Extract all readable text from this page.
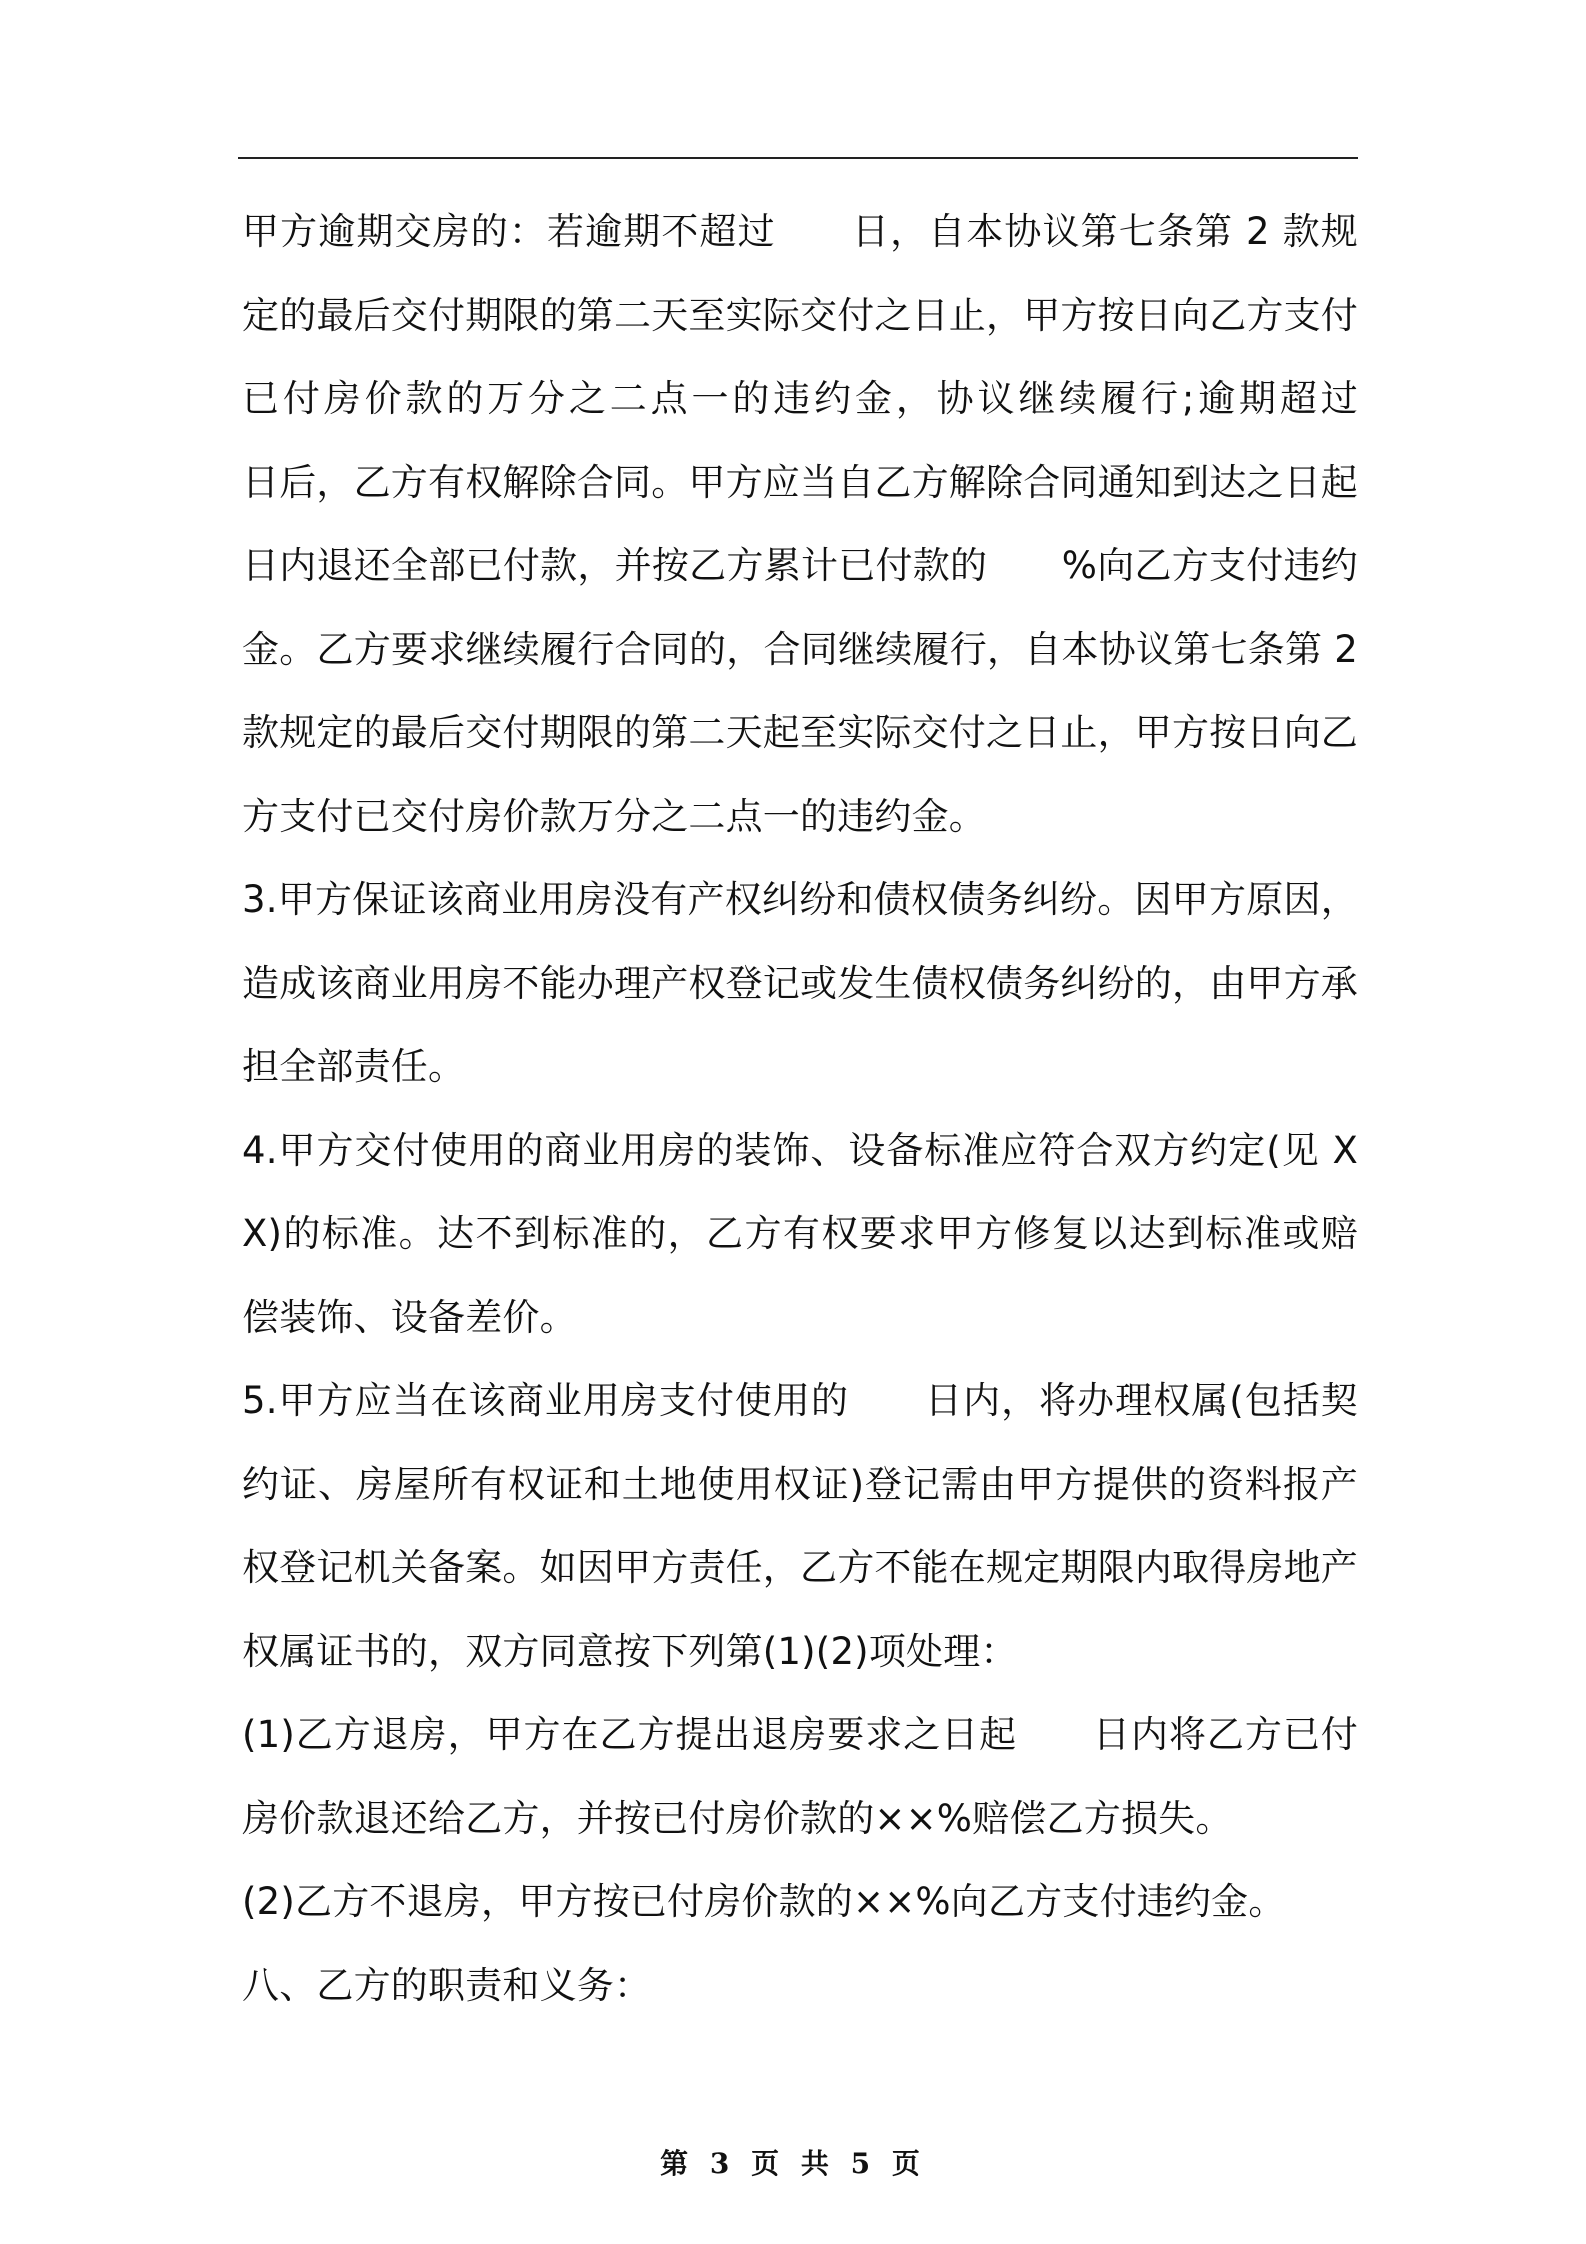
甲方逾期交房的：若逾期不超过　　日，自本协议第七条第 2 款规定的最后交付期限的第二天至实际交付之日止，甲方按日向乙方支付已付房价款的万分之二点一的违约金，协议继续履行;逾期超过　　日后，乙方有权解除合同。甲方应当自乙方解除合同通知到达之日起　　日内退还全部已付款，并按乙方累计已付款的　　%向乙方支付违约金。乙方要求继续履行合同的，合同继续履行，自本协议第七条第 2 款规定的最后交付期限的第二天起至实际交付之日止，甲方按日向乙方支付已交付房价款万分之二点一的违约金。

3.甲方保证该商业用房没有产权纠纷和债权债务纠纷。因甲方原因，造成该商业用房不能办理产权登记或发生债权债务纠纷的，由甲方承担全部责任。

4.甲方交付使用的商业用房的装饰、设备标准应符合双方约定(见 XX)的标准。达不到标准的，乙方有权要求甲方修复以达到标准或赔偿装饰、设备差价。

5.甲方应当在该商业用房支付使用的　　日内，将办理权属(包括契约证、房屋所有权证和土地使用权证)登记需由甲方提供的资料报产权登记机关备案。如因甲方责任，乙方不能在规定期限内取得房地产权属证书的，双方同意按下列第(1)(2)项处理：

(1)乙方退房，甲方在乙方提出退房要求之日起　　日内将乙方已付房价款退还给乙方，并按已付房价款的××%赔偿乙方损失。

(2)乙方不退房，甲方按已付房价款的××%向乙方支付违约金。

八、乙方的职责和义务：

第 3 页 共 5 页
